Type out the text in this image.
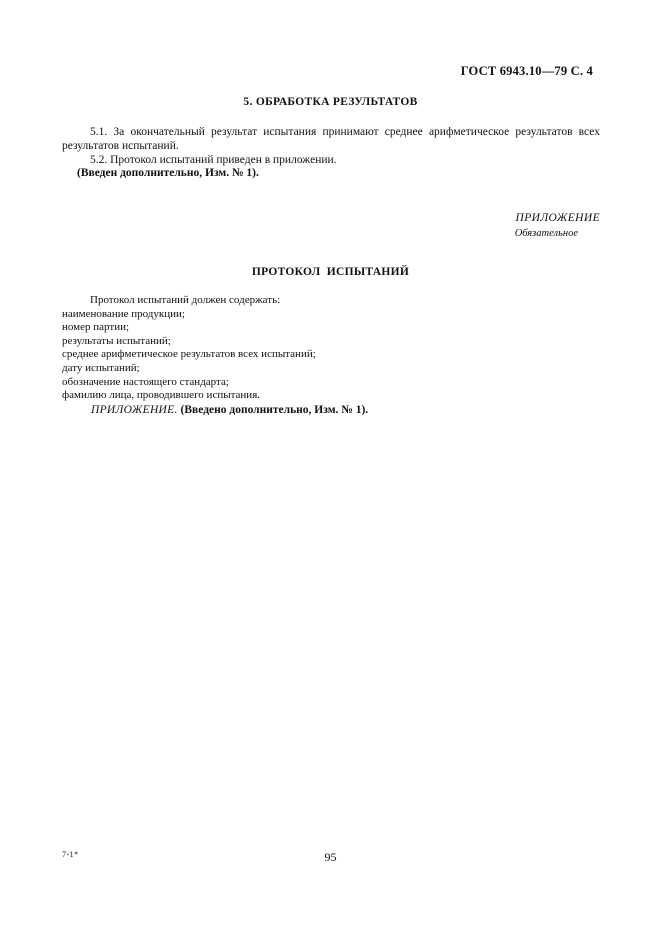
ГОСТ 6943.10—79 С. 4
5. ОБРАБОТКА РЕЗУЛЬТАТОВ
5.1. За окончательный результат испытания принимают среднее арифметическое результатов всех результатов испытаний.
5.2. Протокол испытаний приведен в приложении.
(Введен дополнительно, Изм. № 1).
ПРИЛОЖЕНИЕ
Обязательное
ПРОТОКОЛ ИСПЫТАНИЙ
Протокол испытаний должен содержать:
наименование продукции;
номер партии;
результаты испытаний;
среднее арифметическое результатов всех испытаний;
дату испытаний;
обозначение настоящего стандарта;
фамилию лица, проводившего испытания.
ПРИЛОЖЕНИЕ. (Введено дополнительно, Изм. № 1).
7-1*	95
